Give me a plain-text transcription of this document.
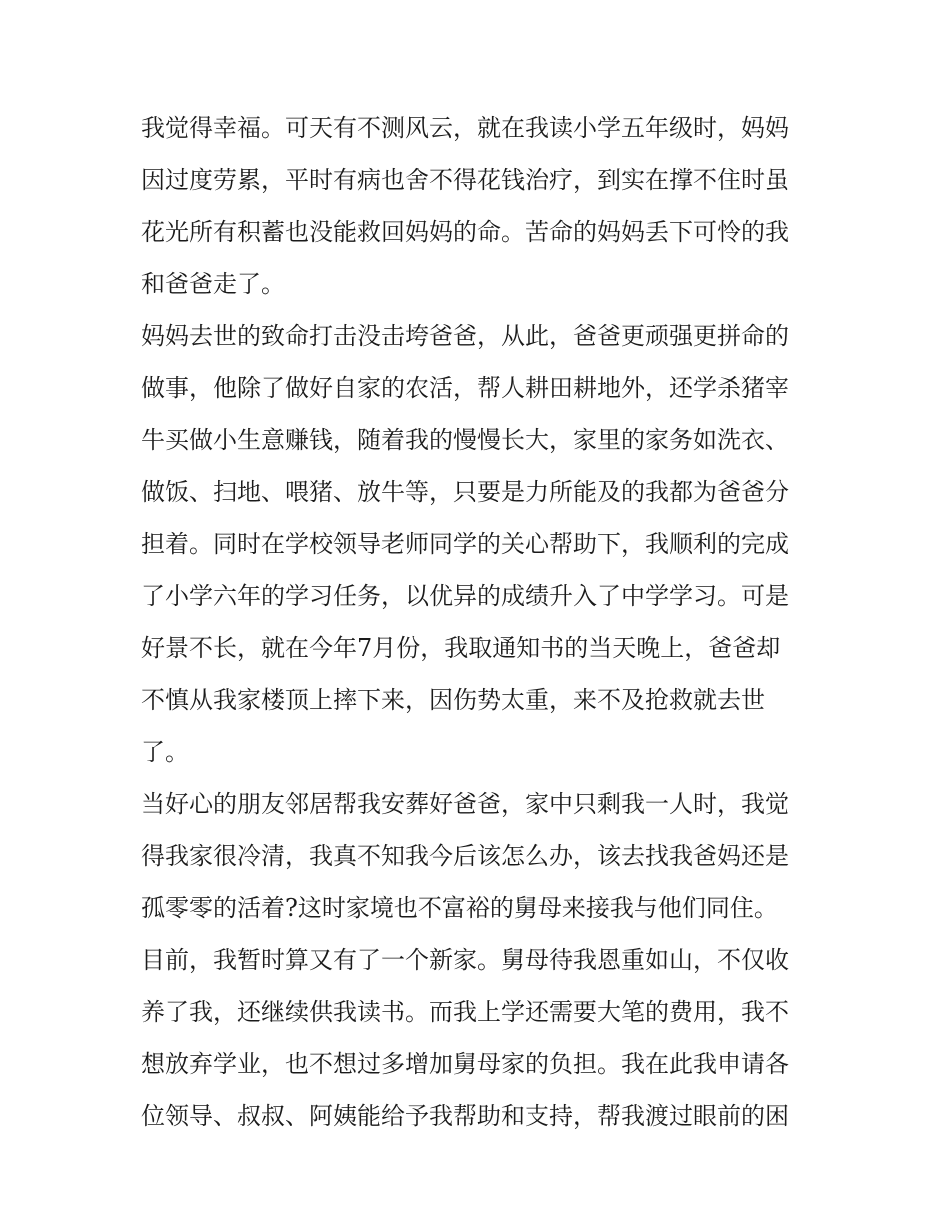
我觉得幸福。可天有不测风云，就在我读小学五年级时，妈妈
因过度劳累，平时有病也舍不得花钱治疗，到实在撑不住时虽
花光所有积蓄也没能救回妈妈的命。苦命的妈妈丢下可怜的我
和爸爸走了。
妈妈去世的致命打击没击垮爸爸，从此，爸爸更顽强更拼命的
做事，他除了做好自家的农活，帮人耕田耕地外，还学杀猪宰
牛买做小生意赚钱，随着我的慢慢长大，家里的家务如洗衣、
做饭、扫地、喂猪、放牛等，只要是力所能及的我都为爸爸分
担着。同时在学校领导老师同学的关心帮助下，我顺利的完成
了小学六年的学习任务，以优异的成绩升入了中学学习。可是
好景不长，就在今年7月份，我取通知书的当天晚上，爸爸却
不慎从我家楼顶上摔下来，因伤势太重，来不及抢救就去世
了。
当好心的朋友邻居帮我安葬好爸爸，家中只剩我一人时，我觉
得我家很冷清，我真不知我今后该怎么办，该去找我爸妈还是
孤零零的活着?这时家境也不富裕的舅母来接我与他们同住。
目前，我暂时算又有了一个新家。舅母待我恩重如山，不仅收
养了我，还继续供我读书。而我上学还需要大笔的费用，我不
想放弃学业，也不想过多增加舅母家的负担。我在此我申请各
位领导、叔叔、阿姨能给予我帮助和支持，帮我渡过眼前的困
